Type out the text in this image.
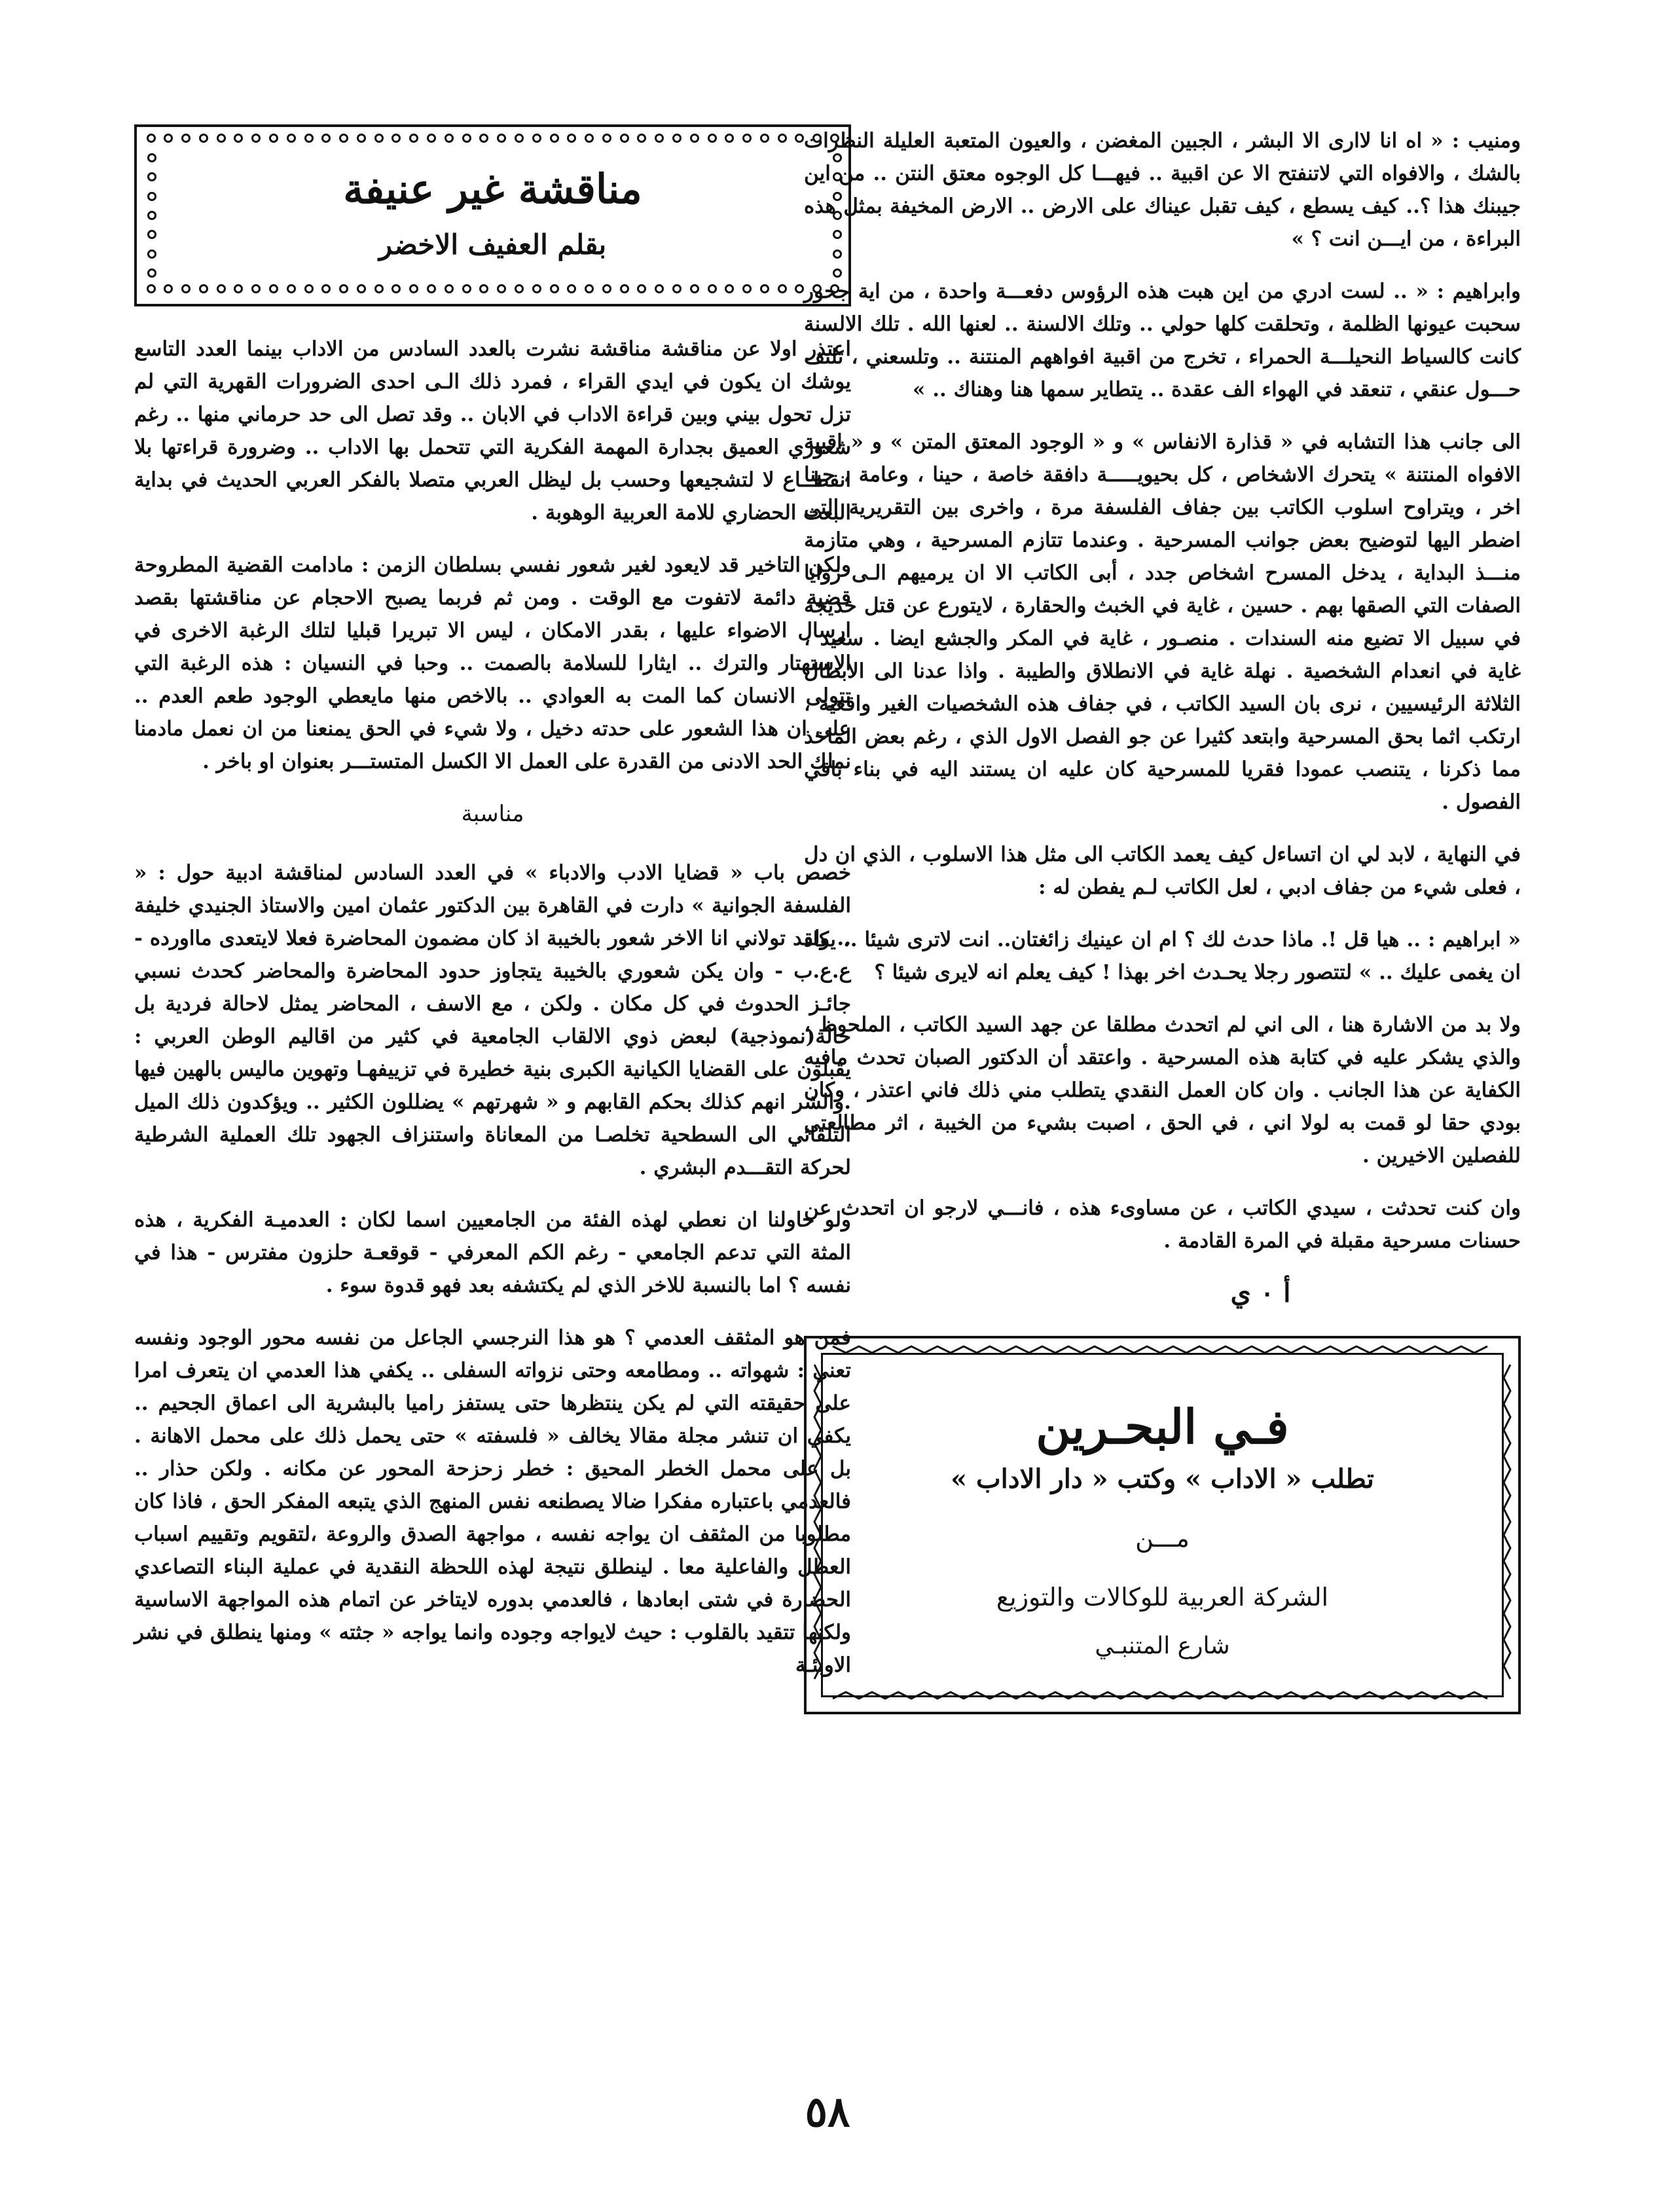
ومنيب : « اه انا لاارى الا البشر ، الجبين المغضن ، والعيون المتعبة العليلة النظرات بالشك ، والافواه التي لاتنفتح الا عن اقبية .. فيهـــا كل الوجوه معتق النتن .. من اين جيبنك هذا ؟.. كيف يسطع ، كيف تقبل عيناك على الارض .. الارض المخيفة بمثل هذه البراءة ، من ايـــن انت ؟ »

وابراهيم : « .. لست ادري من اين هبت هذه الرؤوس دفعـــة واحدة ، من اية جحور سحبت عيونها الظلمة ، وتحلقت كلها حولي .. وتلك الالسنة .. لعنها الله . تلك الالسنة كانت كالسياط النحيلـــة الحمراء ، تخرج من اقبية افواههم المنتنة .. وتلسعني ، تلتف حـــول عنقي ، تنعقد في الهواء الف عقدة .. يتطاير سمها هنا وهناك .. »

الى جانب هذا التشابه في « قذارة الانفاس » و « الوجود المعتق المتن » و « اقبية الافواه المنتنة » يتحرك الاشخاص ، كل بحيويـــــة دافقة خاصة ، حينا ، وعامة ، حينا اخر ، ويتراوح اسلوب الكاتب بين جفاف الفلسفة مرة ، واخرى بين التقريرية التي اضطر اليها لتوضيح بعض جوانب المسرحية . وعندما تتازم المسرحية ، وهي متازمة منـــذ البداية ، يدخل المسرح اشخاص جدد ، أبى الكاتب الا ان يرميهم الـى زوايا الصفات التي الصقها بهم . حسين ، غاية في الخبث والحقارة ، لايتورع عن قتل خديجة في سبيل الا تضيع منه السندات . منصـور ، غاية في المكر والجشع ايضا . سعيد ، غاية في انعدام الشخصية . نهلة غاية في الانطلاق والطيبة . واذا عدنا الى الابطال الثلاثة الرئيسيين ، نرى بان السيد الكاتب ، في جفاف هذه الشخصيات الغير واقعية ، ارتكب اثما بحق المسرحية وابتعد كثيرا عن جو الفصل الاول الذي ، رغم بعض الماخذ مما ذكرنا ، يتنصب عمودا فقريا للمسرحية كان عليه ان يستند اليه في بناء باقي الفصول .

في النهاية ، لابد لي ان اتساءل كيف يعمد الكاتب الى مثل هذا الاسلوب ، الذي ان دل ، فعلى شيء من جفاف ادبي ، لعل الكاتب لـم يفطن له :

« ابراهيم : .. هيا قل !. ماذا حدث لك ؟ ام ان عينيك زائغتان.. انت لاترى شيئا .. يكاد ان يغمى عليك .. » لتتصور رجلا يحـدث اخر بهذا ! كيف يعلم انه لايرى شيئا ؟

ولا بد من الاشارة هنا ، الى اني لم اتحدث مطلقا عن جهد السيد الكاتب ، الملحوظ ، والذي يشكر عليه في كتابة هذه المسرحية . واعتقد أن الدكتور الصبان تحدث مافيه الكفاية عن هذا الجانب . وان كان العمل النقدي يتطلب مني ذلك فاني اعتذر ، وكان بودي حقا لو قمت به لولا اني ، في الحق ، اصبت بشيء من الخيبة ، اثر مطالعتي للفصلين الاخيرين .

وان كنت تحدثت ، سيدي الكاتب ، عن مساوىء هذه ، فانـــي لارجو ان اتحدث عن حسنات مسرحية مقبلة في المرة القادمة .

أ ٠ ي
فـي البحـرين
تطلب « الاداب » وكتب « دار الاداب »
مـــن
الشركة العربية للوكالات والتوزيع
شارع المتنبـي
مناقشة غير عنيفة
بقلم العفيف الاخضر

اعتذر اولا عن مناقشة مناقشة نشرت بالعدد السادس من الاداب بينما العدد التاسع يوشك ان يكون في ايدي القراء ، فمرد ذلك الـى احدى الضرورات القهرية التي لم تزل تحول بيني وبين قراءة الاداب في الابان .. وقد تصل الى حد حرماني منها .. رغم شعوري العميق بجدارة المهمة الفكرية التي تتحمل بها الاداب .. وضرورة قراءتها بلا انقطــاع لا لتشجيعها وحسب بل ليظل العربي متصلا بالفكر العربي الحديث في بداية البعث الحضاري للامة العربية الوهوبة .

ولكن التاخير قد لايعود لغير شعور نفسي بسلطان الزمن : مادامت القضية المطروحة قضية دائمة لاتفوت مع الوقت . ومن ثم فربما يصبح الاحجام عن مناقشتها بقصد ارسال الاضواء عليها ، بقدر الامكان ، ليس الا تبريرا قبليا لتلك الرغبة الاخرى في الاستهتار والترك .. ايثارا للسلامة بالصمت .. وحبا في النسيان : هذه الرغبة التي تتولى الانسان كما المت به العوادي .. بالاخص منها مايعطي الوجود طعم العدم .. على ان هذا الشعور على حدته دخيل ، ولا شيء في الحق يمنعنا من ان نعمل مادمنا نملك الحد الادنى من القدرة على العمل الا الكسل المتستـــر بعنوان او باخر .

مناسبة

خصص باب « قضايا الادب والادباء » في العدد السادس لمناقشة ادبية حول : « الفلسفة الجوانية » دارت في القاهرة بين الدكتور عثمان امين والاستاذ الجنيدي خليفة .. ولقد تولاني انا الاخر شعور بالخيبة اذ كان مضمون المحاضرة فعلا لايتعدى مااورده - ع.ع.ب - وان يكن شعوري بالخيبة يتجاوز حدود المحاضرة والمحاضر كحدث نسبي جائـز الحدوث في كل مكان . ولكن ، مع الاسف ، المحاضر يمثل لاحالة فردية بل حالة(نموذجية) لبعض ذوي الالقاب الجامعية في كثير من اقاليم الوطن العربي : يقبلون على القضايا الكيانية الكبرى بنية خطيرة في تزييفهـا وتهوين ماليس بالهين فيها .والشر انهم كذلك بحكم القابهم و « شهرتهم » يضللون الكثير .. ويؤكدون ذلك الميل التلقائي الى السطحية تخلصـا من المعاناة واستنزاف الجهود تلك العملية الشرطية لحركة التقـــدم البشري .

ولو حاولنا ان نعطي لهذه الفئة من الجامعيين اسما لكان : العدميـة الفكرية ، هذه المثة التي تدعم الجامعي - رغم الكم المعرفي - قوقعـة حلزون مفترس - هذا في نفسه ؟ اما بالنسبة للاخر الذي لم يكتشفه بعد فهو قدوة سوء .

فمن هو المثقف العدمي ؟ هو هذا النرجسي الجاعل من نفسه محور الوجود ونفسه تعني : شهواته .. ومطامعه وحتى نزواته السفلى .. يكفي هذا العدمي ان يتعرف امرا على حقيقته التي لم يكن ينتظرها حتى يستفز راميا بالبشرية الى اعماق الجحيم .. يكفي ان تنشر مجلة مقالا يخالف « فلسفته » حتى يحمل ذلك على محمل الاهانة . بل على محمل الخطر المحيق : خطر زحزحة المحور عن مكانه . ولكن حذار .. فالعدمي باعتباره مفكرا ضالا يصطنعه نفس المنهج الذي يتبعه المفكر الحق ، فاذا كان مطلوبا من المثقف ان يواجه نفسه ، مواجهة الصدق والروعة ،لتقويم وتقييم اسباب العطل والفاعلية معا . لينطلق نتيجة لهذه اللحظة النقدية في عملية البناء التصاعدي الحضارة في شتى ابعادها ، فالعدمي بدوره لايتاخر عن اتمام هذه المواجهة الاساسية ولكنها تتقيد بالقلوب : حيث لايواجه وجوده وانما يواجه « جثته » ومنها ينطلق في نشر الاوبئـة

٥٨
